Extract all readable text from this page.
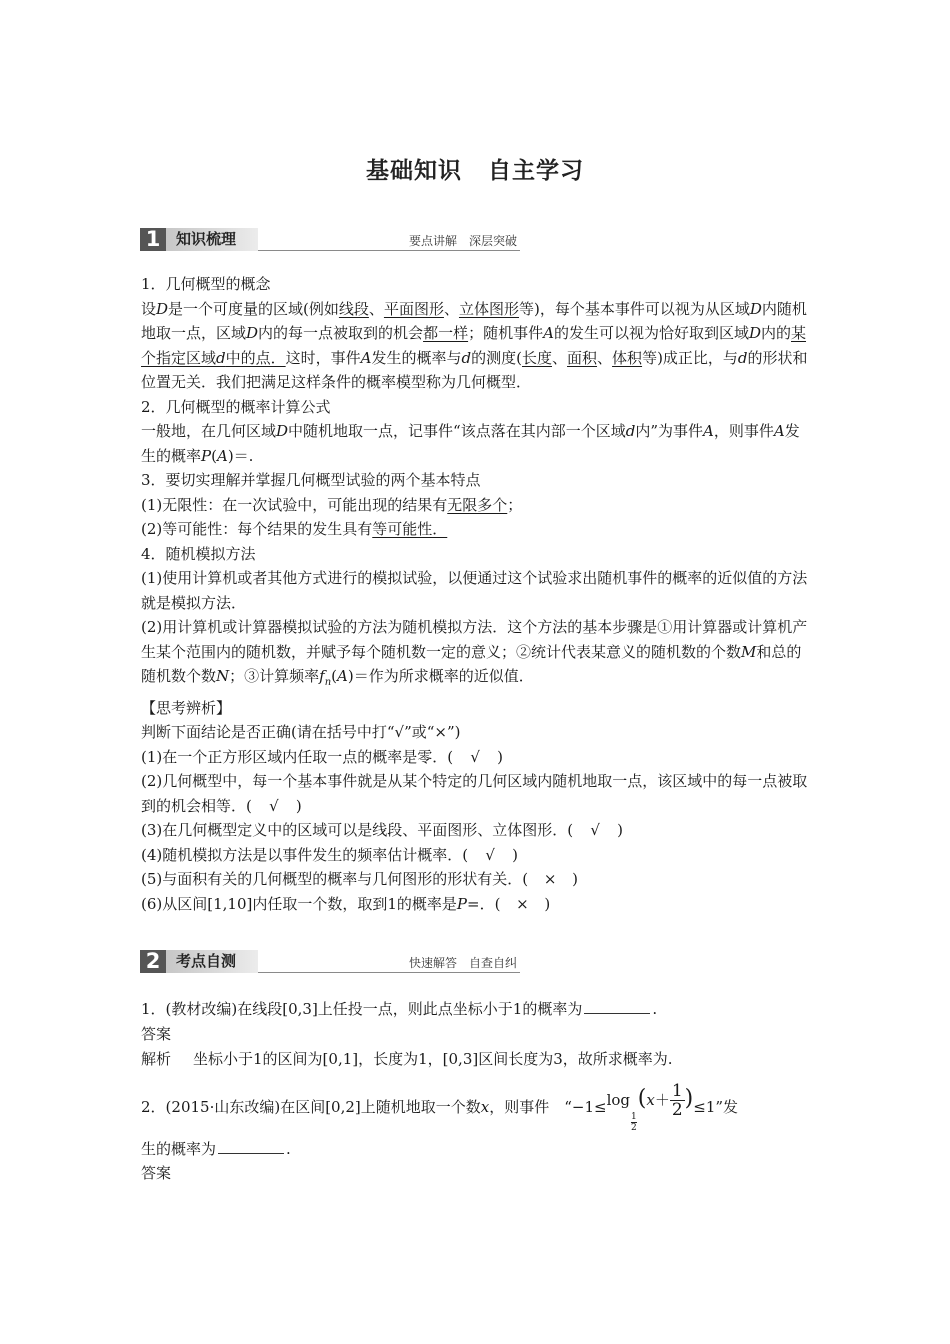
基础知识 自主学习
1	知识梳理	要点讲解　深层突破

1．几何概型的概念

设D是一个可度量的区域(例如线段、平面图形、立体图形等)，每个基本事件可以视为从区域D内随机地取一点，区域D内的每一点被取到的机会都一样；随机事件A的发生可以视为恰好取到区域D内的某个指定区域d中的点．这时，事件A发生的概率与d的测度(长度、面积、体积等)成正比，与d的形状和位置无关．我们把满足这样条件的概率模型称为几何概型．

2．几何概型的概率计算公式

一般地，在几何区域D中随机地取一点，记事件“该点落在其内部一个区域d内”为事件A，则事件A发生的概率P(A)＝.

3．要切实理解并掌握几何概型试验的两个基本特点

(1)无限性：在一次试验中，可能出现的结果有无限多个；

(2)等可能性：每个结果的发生具有等可能性．

4．随机模拟方法

(1)使用计算机或者其他方式进行的模拟试验，以便通过这个试验求出随机事件的概率的近似值的方法就是模拟方法．

(2)用计算机或计算器模拟试验的方法为随机模拟方法．这个方法的基本步骤是①用计算器或计算机产生某个范围内的随机数，并赋予每个随机数一定的意义；②统计代表某意义的随机数的个数M和总的随机数个数N；③计算频率$f_n(A)=$作为所求概率的近似值．

【思考辨析】

判断下面结论是否正确(请在括号中打“√”或“×”)

(1)在一个正方形区域内任取一点的概率是零．( √ )

(2)几何概型中，每一个基本事件就是从某个特定的几何区域内随机地取一点，该区域中的每一点被取到的机会相等．( √ )

(3)在几何概型定义中的区域可以是线段、平面图形、立体图形．( √ )

(4)随机模拟方法是以事件发生的频率估计概率．( √ )

(5)与面积有关的几何概型的概率与几何图形的形状有关．( × )

(6)从区间[1,10]内任取一个数，取到1的概率是P=．( × )

2	考点自测	快速解答　自查自纠
1．(教材改编)在线段[0,3]上任投一点，则此点坐标小于1的概率为	.
答案
解析 坐标小于1的区间为[0,1]，长度为1，[0,3]区间长度为3，故所求概率为.
2．(2015·山东改编)在区间[0,2]上随机地取一个数x，则事件　“−1≤log
$\frac{1}{2}$
$(x+ \frac{1}{2} )\le 1$”发
生的概率为	.
答案
